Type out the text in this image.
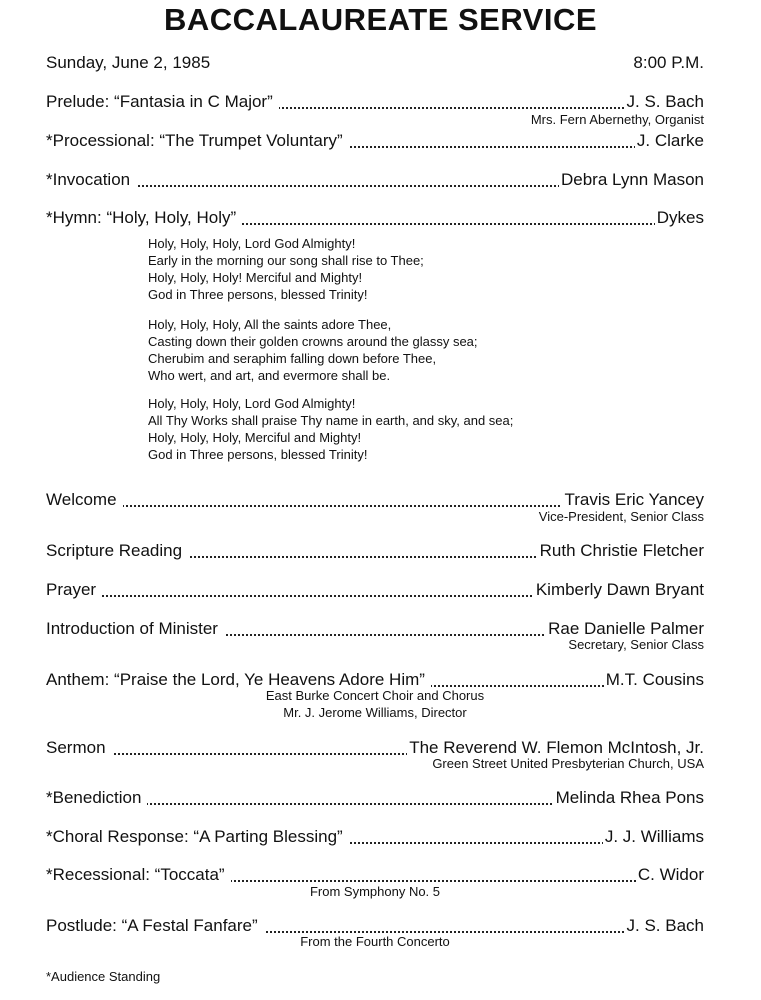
BACCALAUREATE SERVICE
Sunday, June 2, 1985	8:00 P.M.
Prelude: “Fantasia in C Major”	J. S. Bach
Mrs. Fern Abernethy, Organist
*Processional: “The Trumpet Voluntary”	J. Clarke
*Invocation	Debra Lynn Mason
*Hymn: “Holy, Holy, Holy”	Dykes
Holy, Holy, Holy, Lord God Almighty!
Early in the morning our song shall rise to Thee;
Holy, Holy, Holy! Merciful and Mighty!
God in Three persons, blessed Trinity!
Holy, Holy, Holy, All the saints adore Thee,
Casting down their golden crowns around the glassy sea;
Cherubim and seraphim falling down before Thee,
Who wert, and art, and evermore shall be.
Holy, Holy, Holy, Lord God Almighty!
All Thy Works shall praise Thy name in earth, and sky, and sea;
Holy, Holy, Holy, Merciful and Mighty!
God in Three persons, blessed Trinity!
Welcome	Travis Eric Yancey
Vice-President, Senior Class
Scripture Reading	Ruth Christie Fletcher
Prayer	Kimberly Dawn Bryant
Introduction of Minister	Rae Danielle Palmer
Secretary, Senior Class
Anthem: “Praise the Lord, Ye Heavens Adore Him”	M.T. Cousins
East Burke Concert Choir and Chorus
Mr. J. Jerome Williams, Director
Sermon	The Reverend W. Flemon McIntosh, Jr.
Green Street United Presbyterian Church, USA
*Benediction	Melinda Rhea Pons
*Choral Response: “A Parting Blessing”	J. J. Williams
*Recessional: “Toccata”	C. Widor
From Symphony No. 5
Postlude: “A Festal Fanfare”	J. S. Bach
From the Fourth Concerto
*Audience Standing
